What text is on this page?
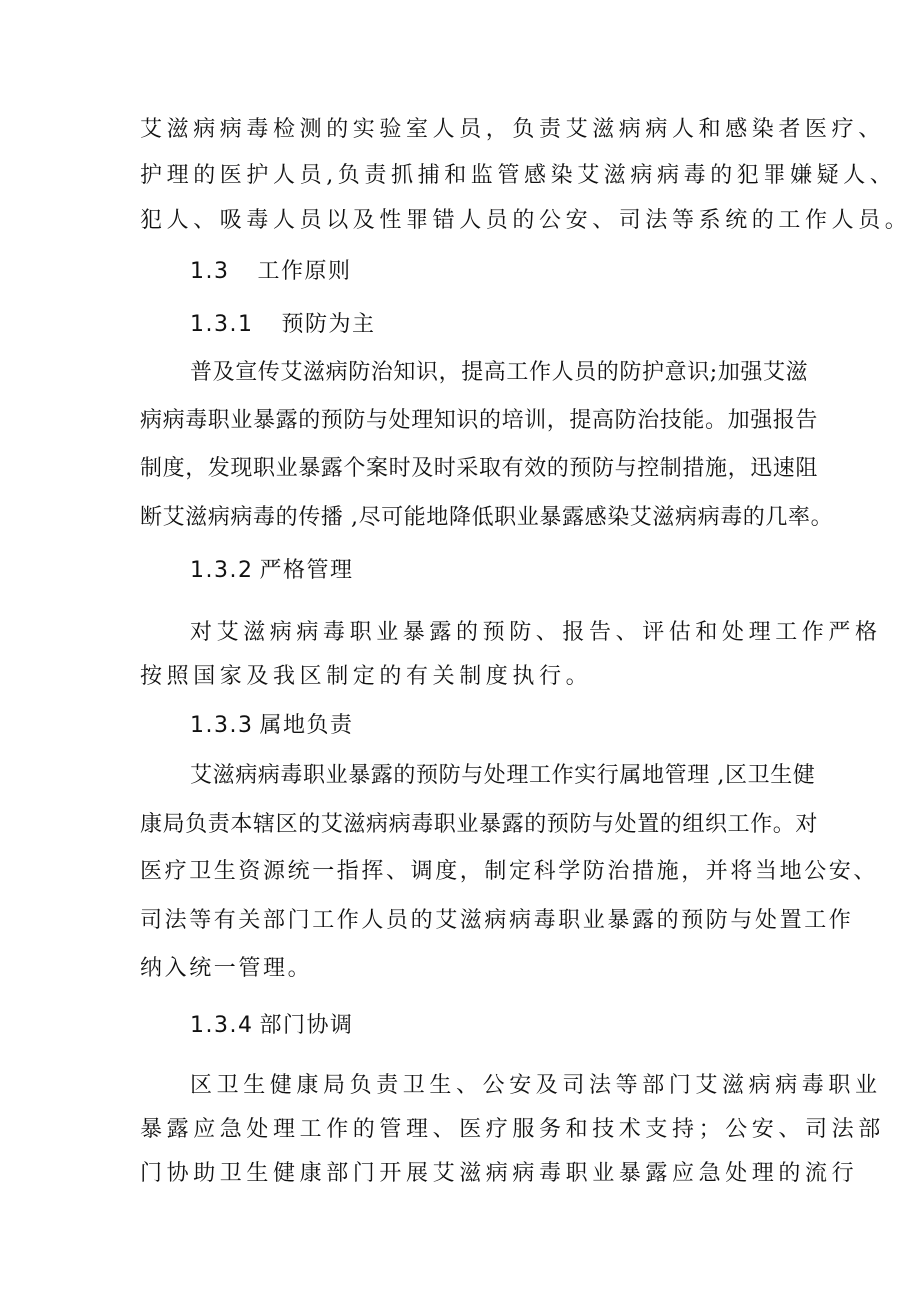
艾滋病病毒检测的实验室人员，负责艾滋病病人和感染者医疗、
护理的医护人员,负责抓捕和监管感染艾滋病病毒的犯罪嫌疑人、
犯人、吸毒人员以及性罪错人员的公安、司法等系统的工作人员。
1.3 工作原则
1.3.1 预防为主
普及宣传艾滋病防治知识，提高工作人员的防护意识;加强艾滋
病病毒职业暴露的预防与处理知识的培训，提高防治技能。加强报告
制度，发现职业暴露个案时及时采取有效的预防与控制措施，迅速阻
断艾滋病病毒的传播 ,尽可能地降低职业暴露感染艾滋病病毒的几率。
1.3.2 严格管理
对艾滋病病毒职业暴露的预防、报告、评估和处理工作严格
按照国家及我区制定的有关制度执行。
1.3.3 属地负责
艾滋病病毒职业暴露的预防与处理工作实行属地管理 ,区卫生健
康局负责本辖区的艾滋病病毒职业暴露的预防与处置的组织工作。对
医疗卫生资源统一指挥、调度，制定科学防治措施，并将当地公安、
司法等有关部门工作人员的艾滋病病毒职业暴露的预防与处置工作
纳入统一管理。
1.3.4 部门协调
区卫生健康局负责卫生、公安及司法等部门艾滋病病毒职业
暴露应急处理工作的管理、医疗服务和技术支持；公安、司法部
门协助卫生健康部门开展艾滋病病毒职业暴露应急处理的流行
